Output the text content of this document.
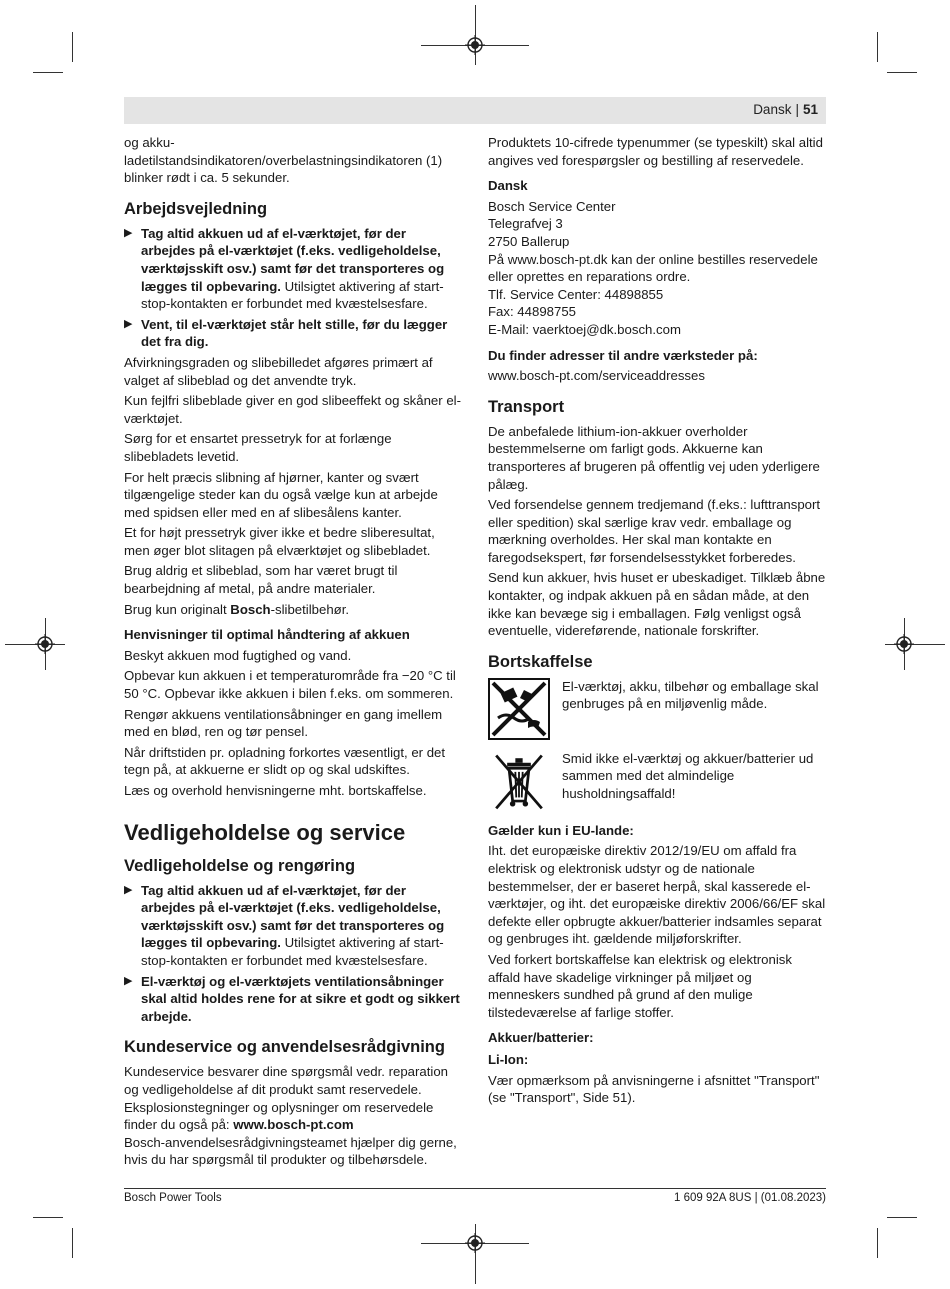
Dansk | 51

og akku-ladetilstandsindikatoren/overbelastningsindikatoren (1) blinker rødt i ca. 5 sekunder.

Arbejdsvejledning
▶ Tag altid akkuen ud af el-værktøjet, før der arbejdes på el-værktøjet (f.eks. vedligeholdelse, værktøjsskift osv.) samt før det transporteres og lægges til opbevaring. Utilsigtet aktivering af start-stop-kontakten er forbundet med kvæstelsesfare.
▶ Vent, til el-værktøjet står helt stille, før du lægger det fra dig.

Afvirkningsgraden og slibebilledet afgøres primært af valget af slibeblad og det anvendte tryk.

Kun fejlfri slibeblade giver en god slibeeffekt og skåner el-værktøjet.

Sørg for et ensartet pressetryk for at forlænge slibebladets levetid.

For helt præcis slibning af hjørner, kanter og svært tilgængelige steder kan du også vælge kun at arbejde med spidsen eller med en af slibesålens kanter.

Et for højt pressetryk giver ikke et bedre sliberesultat, men øger blot slitagen på elværktøjet og slibebladet.

Brug aldrig et slibeblad, som har været brugt til bearbejdning af metal, på andre materialer.

Brug kun originalt Bosch-slibetilbehør.

Henvisninger til optimal håndtering af akkuen

Beskyt akkuen mod fugtighed og vand.

Opbevar kun akkuen i et temperaturområde fra −20 °C til 50 °C. Opbevar ikke akkuen i bilen f.eks. om sommeren.

Rengør akkuens ventilationsåbninger en gang imellem med en blød, ren og tør pensel.

Når driftstiden pr. opladning forkortes væsentligt, er det tegn på, at akkuerne er slidt op og skal udskiftes.

Læs og overhold henvisningerne mht. bortskaffelse.

Vedligeholdelse og service
Vedligeholdelse og rengøring
▶ Tag altid akkuen ud af el-værktøjet, før der arbejdes på el-værktøjet (f.eks. vedligeholdelse, værktøjsskift osv.) samt før det transporteres og lægges til opbevaring. Utilsigtet aktivering af start-stop-kontakten er forbundet med kvæstelsesfare.
▶ El-værktøj og el-værktøjets ventilationsåbninger skal altid holdes rene for at sikre et godt og sikkert arbejde.
Kundeservice og anvendelsesrådgivning

Kundeservice besvarer dine spørgsmål vedr. reparation og vedligeholdelse af dit produkt samt reservedele. Eksplosionstegninger og oplysninger om reservedele finder du også på: www.bosch-pt.com

Bosch-anvendelsesrådgivningsteamet hjælper dig gerne, hvis du har spørgsmål til produkter og tilbehørsdele.

Produktets 10-cifrede typenummer (se typeskilt) skal altid angives ved forespørgsler og bestilling af reservedele.

Dansk
Bosch Service Center
Telegrafvej 3
2750 Ballerup
På www.bosch-pt.dk kan der online bestilles reservedele eller oprettes en reparations ordre.
Tlf. Service Center: 44898855
Fax: 44898755
E-Mail: vaerktoej@dk.bosch.com
Du finder adresser til andre værksteder på:

www.bosch-pt.com/serviceaddresses

Transport

De anbefalede lithium-ion-akkuer overholder bestemmelserne om farligt gods. Akkuerne kan transporteres af brugeren på offentlig vej uden yderligere pålæg.

Ved forsendelse gennem tredjemand (f.eks.: lufttransport eller spedition) skal særlige krav vedr. emballage og mærkning overholdes. Her skal man kontakte en faregodsekspert, før forsendelsesstykket forberedes.

Send kun akkuer, hvis huset er ubeskadiget. Tilklæb åbne kontakter, og indpak akkuen på en sådan måde, at den ikke kan bevæge sig i emballagen. Følg venligst også eventuelle, videreførende, nationale forskrifter.

Bortskaffelse
El-værktøj, akku, tilbehør og emballage skal genbruges på en miljøvenlig måde.
Smid ikke el-værktøj og akkuer/batterier ud sammen med det almindelige husholdningsaffald!
Gælder kun i EU-lande:

Iht. det europæiske direktiv 2012/19/EU om affald fra elektrisk og elektronisk udstyr og de nationale bestemmelser, der er baseret herpå, skal kasserede el-værktøjer, og iht. det europæiske direktiv 2006/66/EF skal defekte eller opbrugte akkuer/batterier indsamles separat og genbruges iht. gældende miljøforskrifter.

Ved forkert bortskaffelse kan elektrisk og elektronisk affald have skadelige virkninger på miljøet og menneskers sundhed på grund af den mulige tilstedeværelse af farlige stoffer.

Akkuer/batterier:
Li-Ion:

Vær opmærksom på anvisningerne i afsnittet "Transport" (se "Transport", Side 51).

Bosch Power Tools	1 609 92A 8US | (01.08.2023)
